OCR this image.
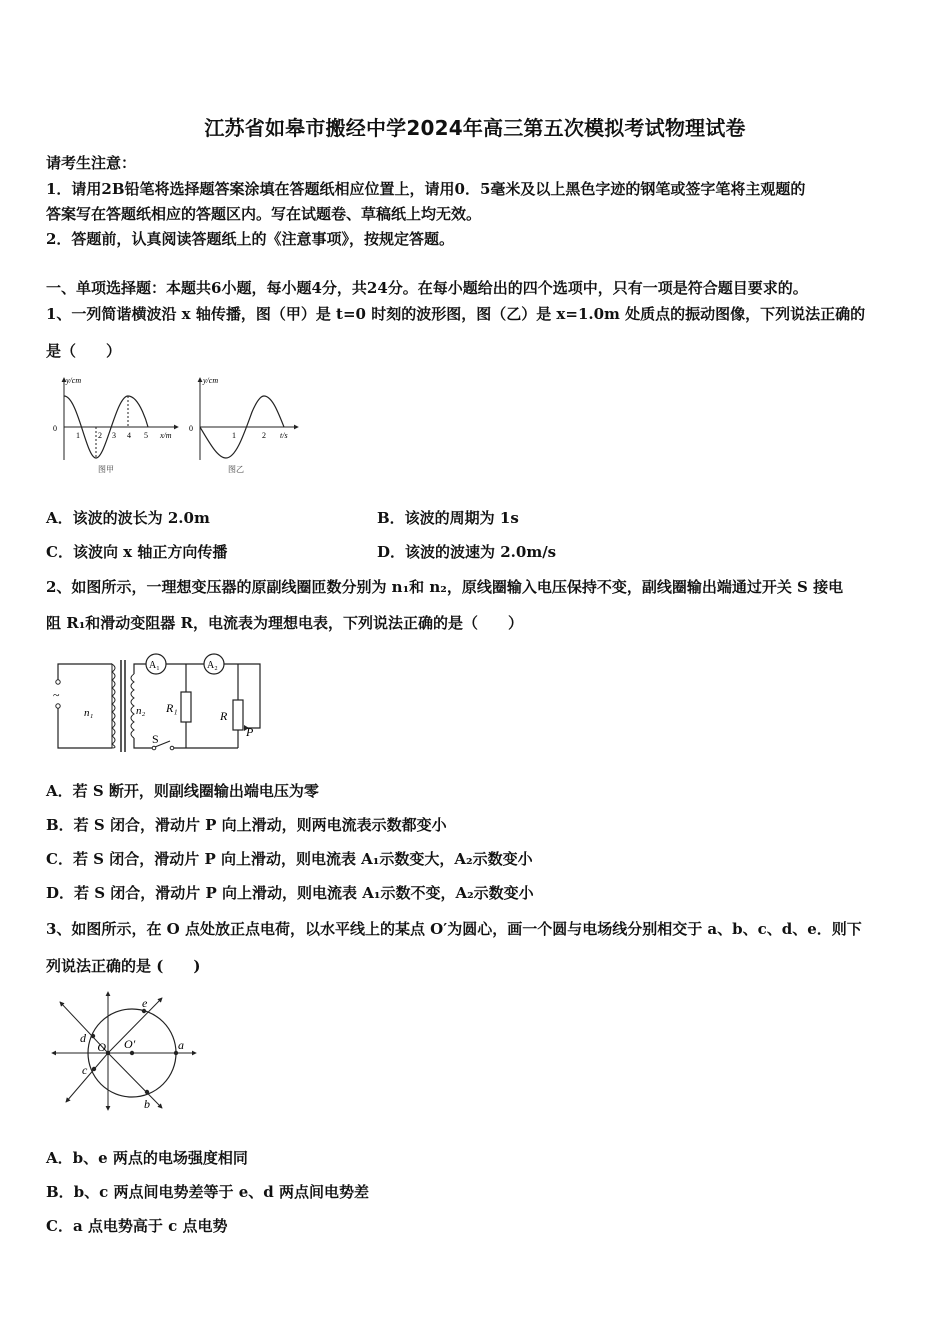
江苏省如皋市搬经中学2024年高三第五次模拟考试物理试卷
请考生注意：
1．请用2B铅笔将选择题答案涂填在答题纸相应位置上，请用0．5毫米及以上黑色字迹的钢笔或签字笔将主观题的
答案写在答题纸相应的答题区内。写在试题卷、草稿纸上均无效。
2．答题前，认真阅读答题纸上的《注意事项》，按规定答题。
一、单项选择题：本题共6小题，每小题4分，共24分。在每小题给出的四个选项中，只有一项是符合题目要求的。
1、一列简谐横波沿 x 轴传播，图（甲）是 t=0 时刻的波形图，图（乙）是 x=1.0m 处质点的振动图像，下列说法正确的
是（　　）
y/cm
0
1 2 3 4 5 x/m
图甲
y/cm
0
1	2 t/s
图乙
A．该波的波长为 2.0m	B．该波的周期为 1s
C．该波向 x 轴正方向传播	D．该波的波速为 2.0m/s
2、如图所示，一理想变压器的原副线圈匝数分别为 n₁和 n₂，原线圈输入电压保持不变，副线圈输出端通过开关 S 接电
阻 R₁和滑动变阻器 R，电流表为理想电表，下列说法正确的是（　　）
~
n₁	n₂
A₁	A₂
R₁
R
P
S
A．若 S 断开，则副线圈输出端电压为零
B．若 S 闭合，滑动片 P 向上滑动，则两电流表示数都变小
C．若 S 闭合，滑动片 P 向上滑动，则电流表 A₁示数变大，A₂示数变小
D．若 S 闭合，滑动片 P 向上滑动，则电流表 A₁示数不变，A₂示数变小
3、如图所示，在 O 点处放正点电荷，以水平线上的某点 O′为圆心，画一个圆与电场线分别相交于 a、b、c、d、e．则下
列说法正确的是 (　　)
O O′	a
b
c
d
e
A．b、e 两点的电场强度相同
B．b、c 两点间电势差等于 e、d 两点间电势差
C．a 点电势高于 c 点电势
